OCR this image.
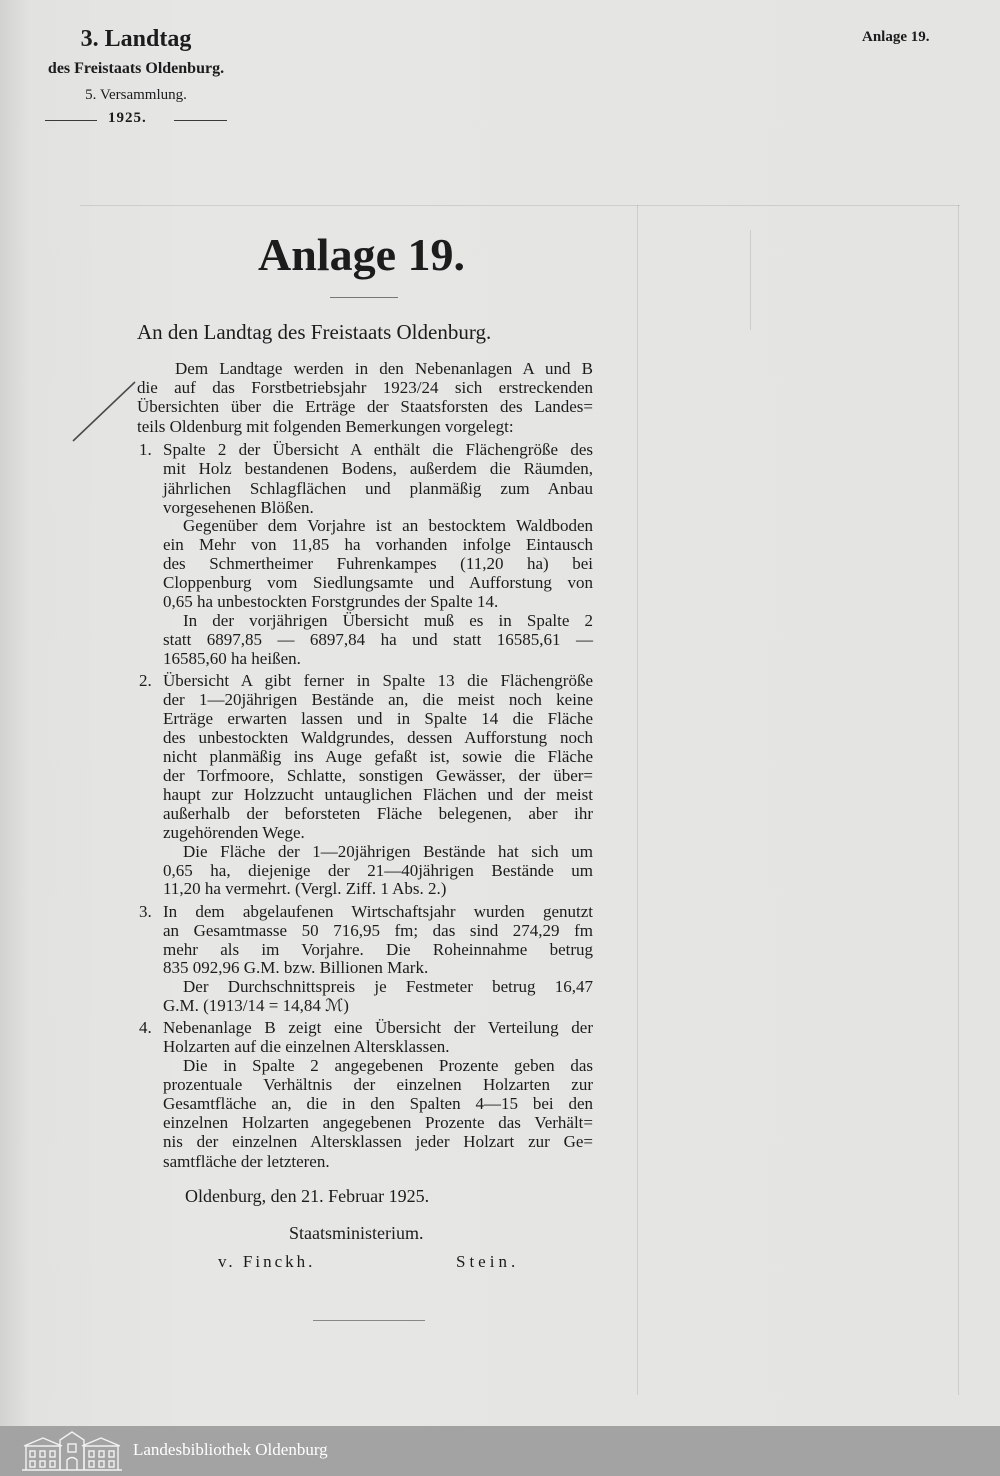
3. Landtag
des Freistaats Oldenburg.
5. Versammlung.
1925.
Anlage 19.
Anlage 19.
An den Landtag des Freistaats Oldenburg.
Dem Landtage werden in den Nebenanlagen A und B
die auf das Forstbetriebsjahr 1923/24 sich erstreckenden
Übersichten über die Erträge der Staatsforsten des Landes=
teils Oldenburg mit folgenden Bemerkungen vorgelegt:
1. Spalte 2 der Übersicht A enthält die Flächengröße des
mit Holz bestandenen Bodens, außerdem die Räumden,
jährlichen Schlagflächen und planmäßig zum Anbau
vorgesehenen Blößen.
Gegenüber dem Vorjahre ist an bestocktem Waldboden
ein Mehr von 11,85 ha vorhanden infolge Eintausch
des Schmertheimer Fuhrenkampes (11,20 ha) bei
Cloppenburg vom Siedlungsamte und Aufforstung von
0,65 ha unbestockten Forstgrundes der Spalte 14.
In der vorjährigen Übersicht muß es in Spalte 2
statt 6897,85 — 6897,84 ha und statt 16585,61 —
16585,60 ha heißen.
2. Übersicht A gibt ferner in Spalte 13 die Flächengröße
der 1—20jährigen Bestände an, die meist noch keine
Erträge erwarten lassen und in Spalte 14 die Fläche
des unbestockten Waldgrundes, dessen Aufforstung noch
nicht planmäßig ins Auge gefaßt ist, sowie die Fläche
der Torfmoore, Schlatte, sonstigen Gewässer, der über=
haupt zur Holzzucht untauglichen Flächen und der meist
außerhalb der beforsteten Fläche belegenen, aber ihr
zugehörenden Wege.
Die Fläche der 1—20jährigen Bestände hat sich um
0,65 ha, diejenige der 21—40jährigen Bestände um
11,20 ha vermehrt. (Vergl. Ziff. 1 Abs. 2.)
3. In dem abgelaufenen Wirtschaftsjahr wurden genutzt
an Gesamtmasse 50 716,95 fm; das sind 274,29 fm
mehr als im Vorjahre. Die Roheinnahme betrug
835 092,96 G.M. bzw. Billionen Mark.
Der Durchschnittspreis je Festmeter betrug 16,47
G.M. (1913/14 = 14,84 ℳ)
4. Nebenanlage B zeigt eine Übersicht der Verteilung der
Holzarten auf die einzelnen Altersklassen.
Die in Spalte 2 angegebenen Prozente geben das
prozentuale Verhältnis der einzelnen Holzarten zur
Gesamtfläche an, die in den Spalten 4—15 bei den
einzelnen Holzarten angegebenen Prozente das Verhält=
nis der einzelnen Altersklassen jeder Holzart zur Ge=
samtfläche der letzteren.
Oldenburg, den 21. Februar 1925.
Staatsministerium.
v. Finckh.	Stein.
Landesbibliothek Oldenburg
